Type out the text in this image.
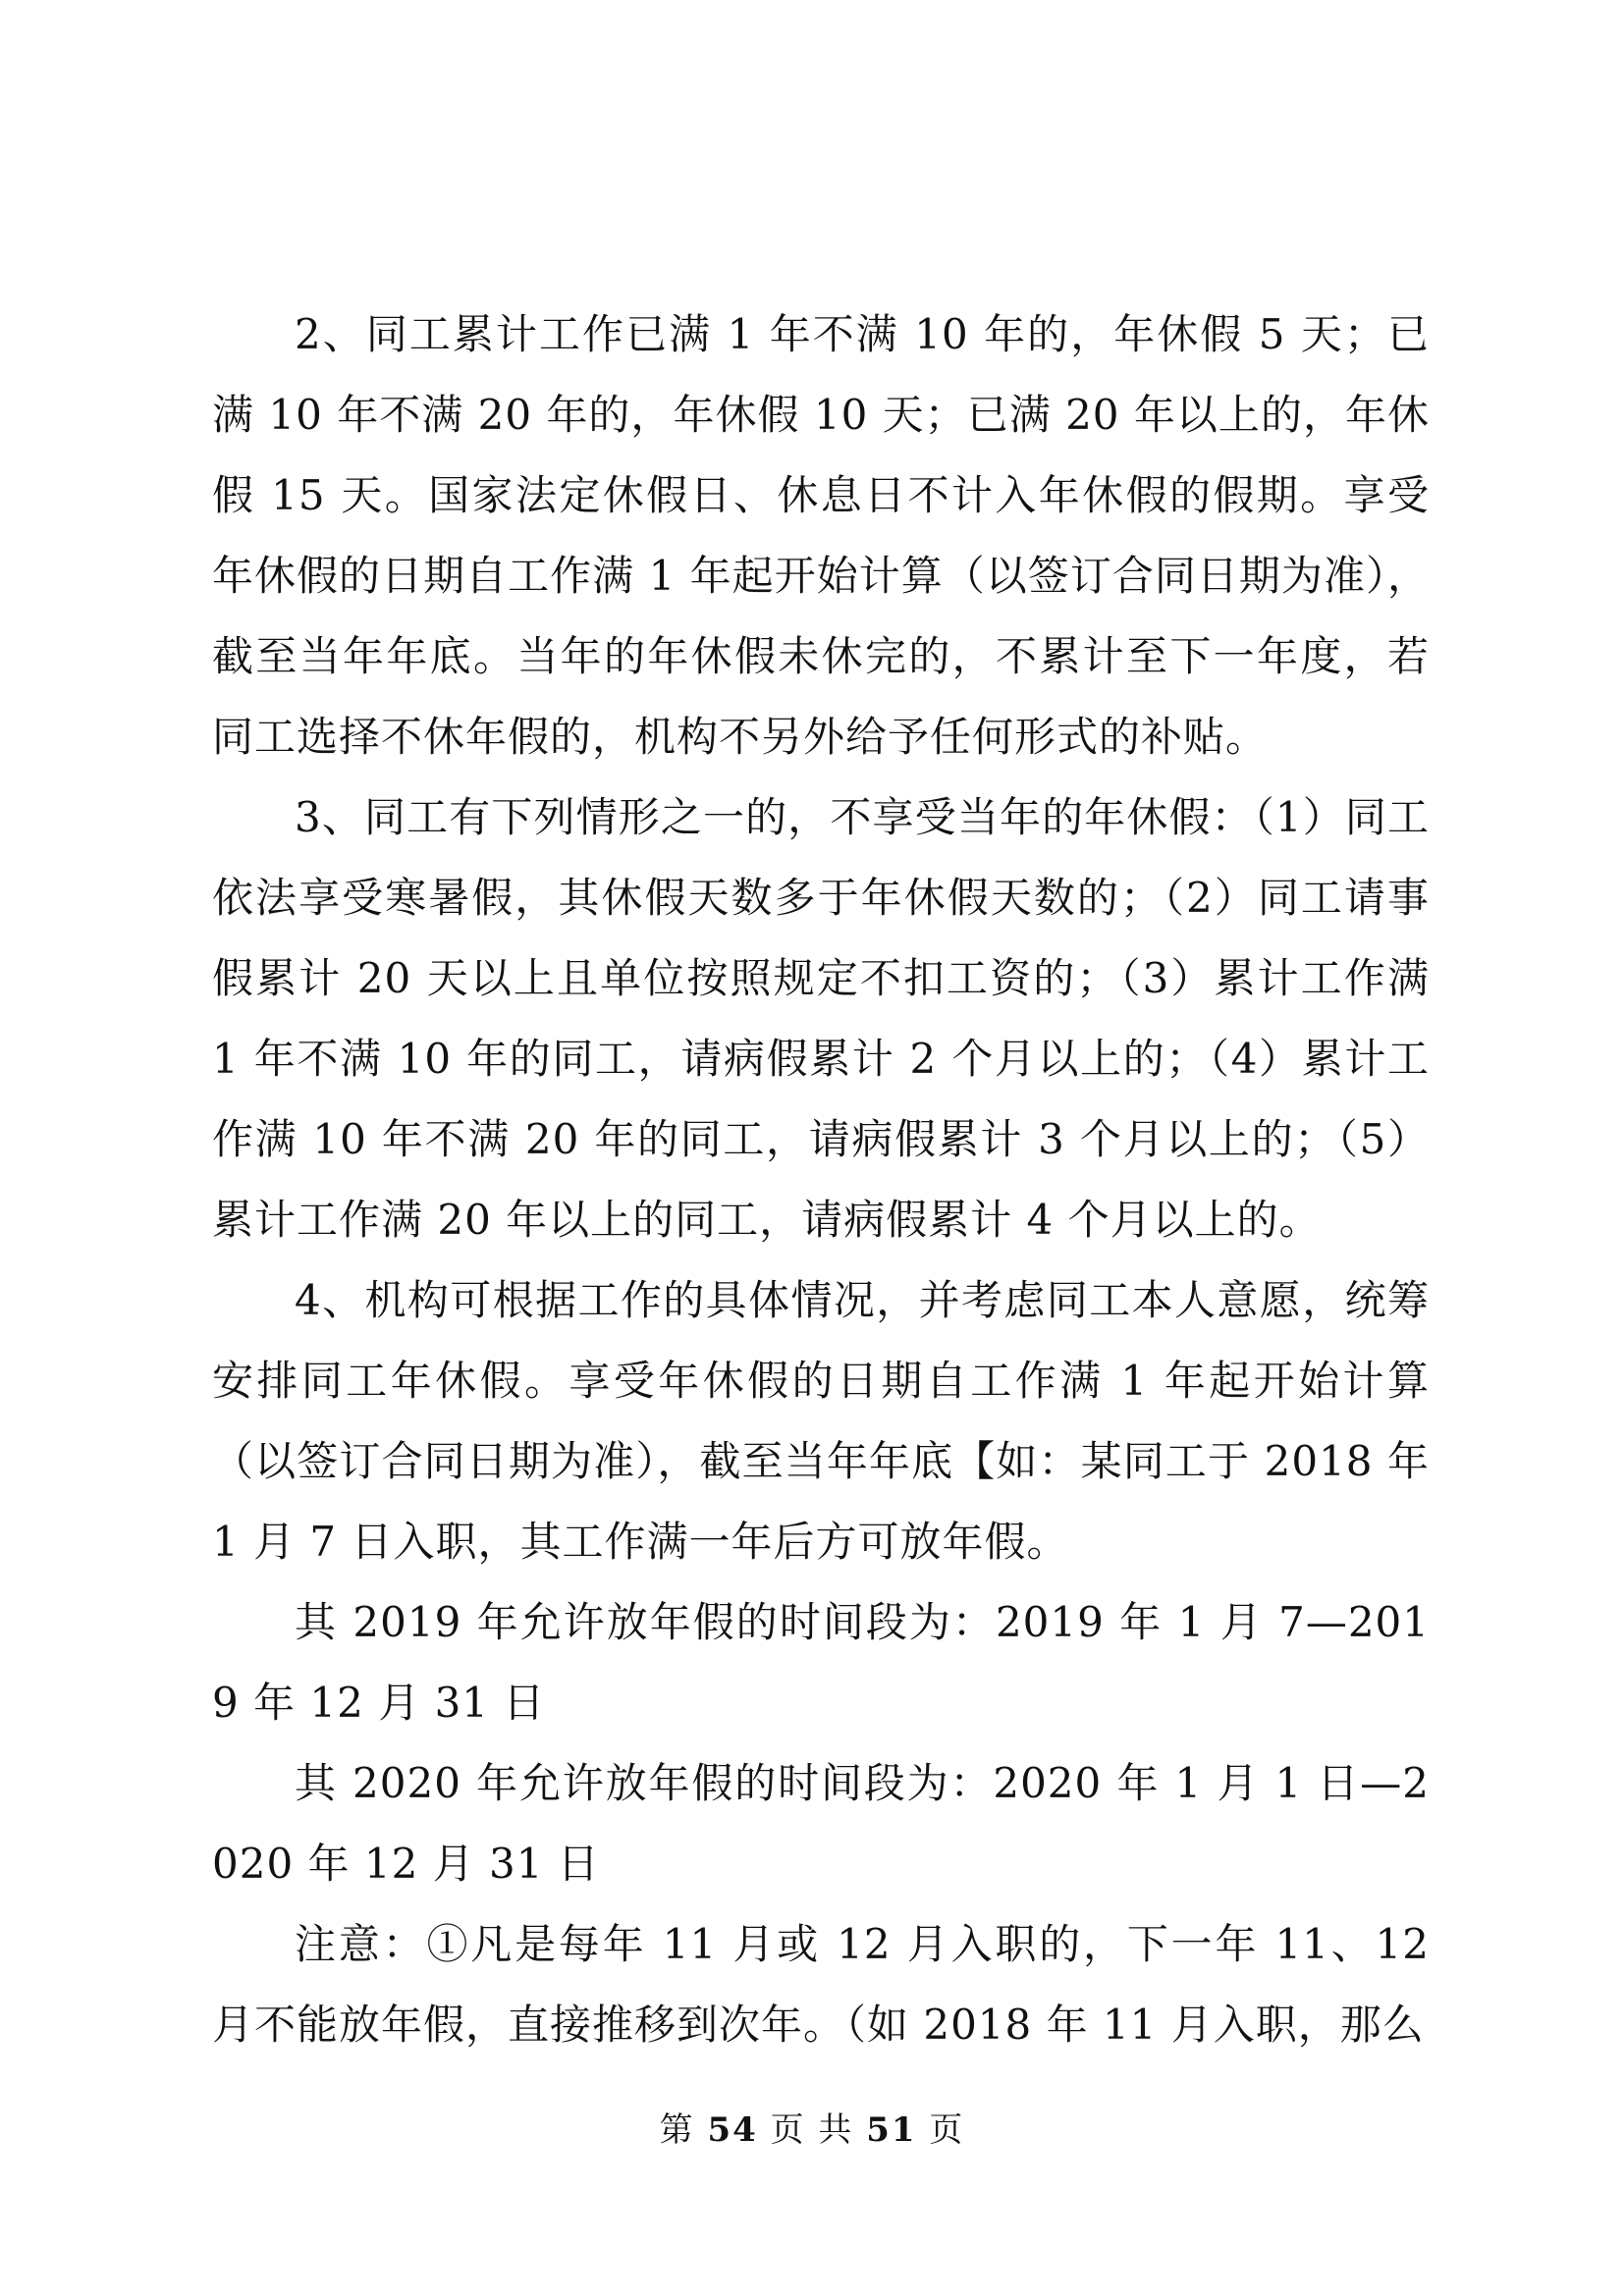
2、同工累计工作已满 1 年不满 10 年的，年休假 5 天；已满 10 年不满 20 年的，年休假 10 天；已满 20 年以上的，年休假 15 天。国家法定休假日、休息日不计入年休假的假期。享受年休假的日期自工作满 1 年起开始计算（以签订合同日期为准），截至当年年底。当年的年休假未休完的，不累计至下一年度，若同工选择不休年假的，机构不另外给予任何形式的补贴。

3、同工有下列情形之一的，不享受当年的年休假：（1）同工依法享受寒暑假，其休假天数多于年休假天数的；（2）同工请事假累计 20 天以上且单位按照规定不扣工资的；（3）累计工作满 1 年不满 10 年的同工，请病假累计 2 个月以上的；（4）累计工作满 10 年不满 20 年的同工，请病假累计 3 个月以上的；（5）累计工作满 20 年以上的同工，请病假累计 4 个月以上的。

4、机构可根据工作的具体情况，并考虑同工本人意愿，统筹安排同工年休假。享受年休假的日期自工作满 1 年起开始计算（以签订合同日期为准），截至当年年底【如：某同工于 2018 年 1 月 7 日入职，其工作满一年后方可放年假。

其 2019 年允许放年假的时间段为：2019 年 1 月 7—2019 年 12 月 31 日

其 2020 年允许放年假的时间段为：2020 年 1 月 1 日—2020 年 12 月 31 日

注意：①凡是每年 11 月或 12 月入职的，下一年 11、12 月不能放年假，直接推移到次年。（如 2018 年 11 月入职，那么

第 54 页 共 51 页
